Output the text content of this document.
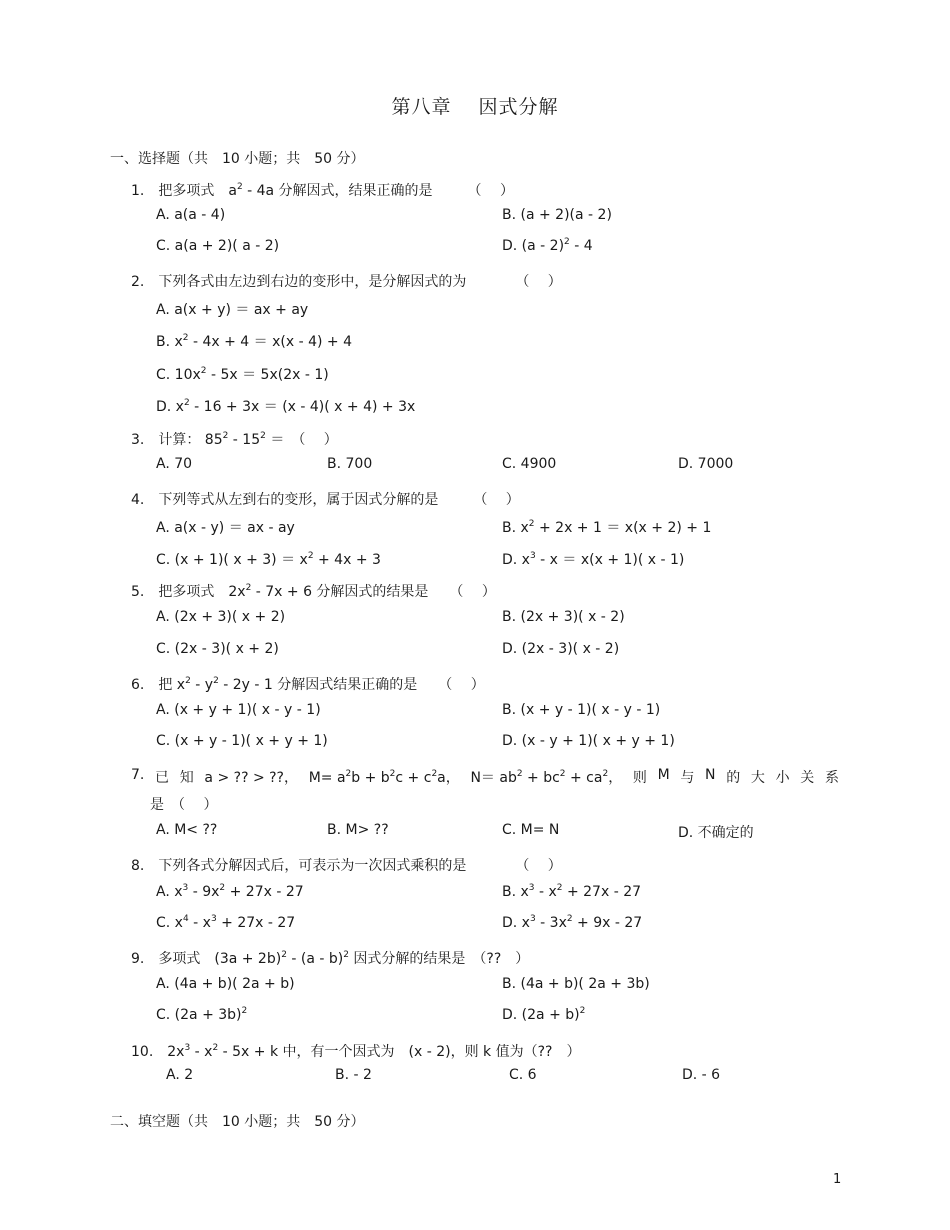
第八章　 因式分解
一、选择题（共　10 小题；共　50 分）
1.　把多项式　$a^2 - 4a$ 分解因式，结果正确的是　　　（　 ）
A. a(a - 4)	B. (a + 2)(a - 2)
C. a(a + 2)( a - 2)	D. (a - 2)$^2$ - 4
2.　下列各式由左边到右边的变形中，是分解因式的为　　　　（　 ）
A. a(x + y) ＝ ax + ay
B. $x^2 - 4x + 4 = x(x - 4) + 4$
C. $10x^2 - 5x = 5x(2x - 1)$
D. $x^2 - 16 + 3x = (x - 4)$( x + 4) + 3x
3.　计算： $85^2 - 15^2$ ＝　（　 ）
A. 70	B. 700	C. 4900	D. 7000
4.　下列等式从左到右的变形，属于因式分解的是　　　（　 ）
A. a(x - y) ＝ ax - ay	B. $x^2 + 2x + 1 = x(x + 2) + 1$
C. (x + 1)( $x + 3) = x^2 + 4x + 3$	D. $x^3 - x = x(x + 1)$( x - 1)
5.　把多项式　$2x^2 - 7x + 6$ 分解因式的结果是　　（　 ）
A. (2x + 3)( x + 2)	B. (2x + 3)( x - 2)
C. (2x - 3)( x + 2)	D. (2x - 3)( x - 2)
6.　把 $x^2 - y^2 - 2y - 1$ 分解因式结果正确的是　　（　 ）
A. (x + y + 1)( x - y - 1)	B. (x + y - 1)( x - y - 1)
C. (x + y - 1)( x + y + 1)	D. (x - y + 1)( x + y + 1)
7. 已 知 a > ?? > ??， $M= a^2b + b^2c + c^2a$， $N= ab^2 + bc^2 + ca^2$， 则 M 与 N 的 大 小 关 系
是　（　 ）
A. M< ??	B. M> ??	C. M= N	D. 不确定的
8.　下列各式分解因式后，可表示为一次因式乘积的是　　　　（　 ）
A. $x^3 - 9x^2 + 27x - 27$	B. $x^3 - x^2 + 27x - 27$
C. $x^4 - x^3 + 27x - 27$	D. $x^3 - 3x^2 + 9x - 27$
9.　多项式　$(3a + 2b)^2 - (a - b)^2$ 因式分解的结果是　（??　）
A. (4a + b)( 2a + b)	B. (4a + b)( 2a + 3b)
C. $(2a + 3b)^2$	D. $(2a + b)^2$
10.　$2x^3 - x^2 - 5x + k$ 中，有一个因式为　(x - 2)，则 k 值为（??　）
A. 2	B. - 2	C. 6	D. - 6
二、填空题（共　10 小题；共　50 分）
1
